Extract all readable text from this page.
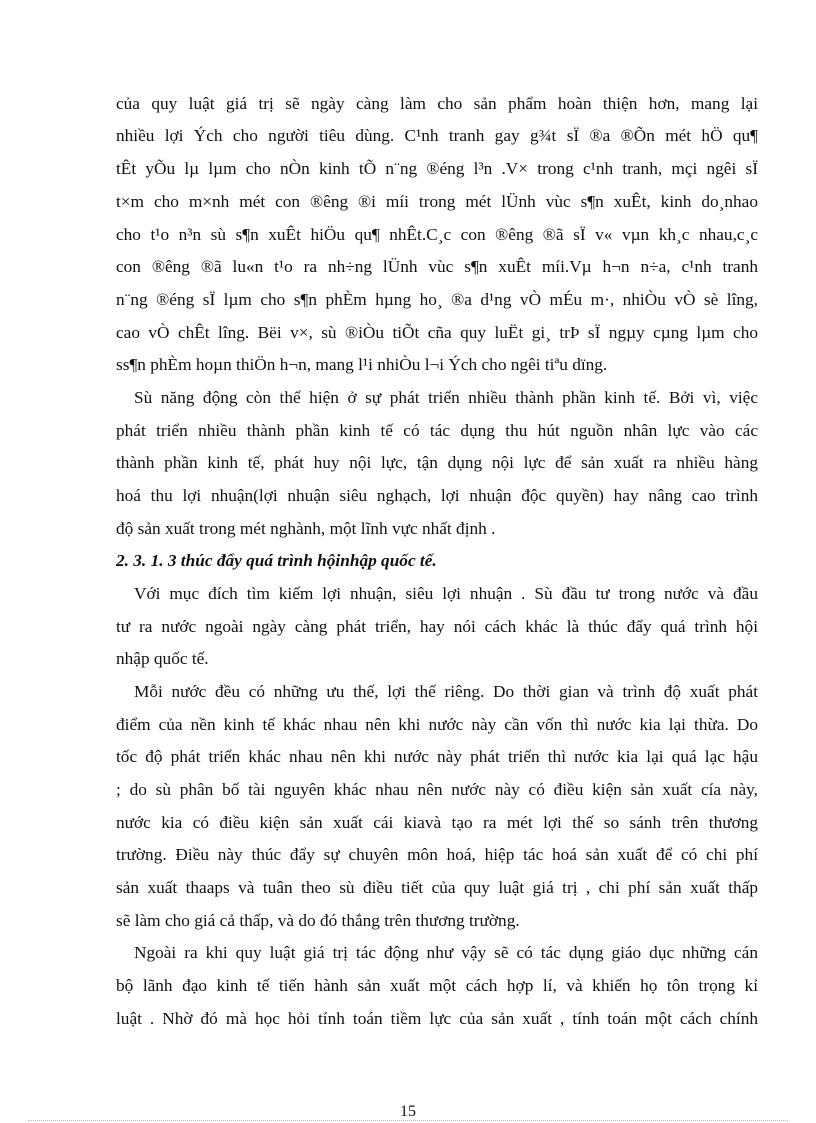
của quy luật giá trị sẽ ngày càng làm cho sản phẩm hoàn thiện hơn, mang lại
nhiều lợi Ých cho người tiêu dùng. C¹nh tranh gay g¾t sÏ ®a ®Õn mét hÖ qu¶
tÊt yÕu lµ lµm cho nÒn kinh tÕ n¨ng ®éng l³n .V× trong c¹nh tranh, mçi ngêi sÏ
t×m cho m×nh mét con ®êng ®i míi trong mét lÜnh vùc s¶n xuÊt, kinh do¸nhao
cho t¹o n³n sù s¶n xuÊt hiÖu qu¶ nhÊt.C¸c con ®êng ®ã sÏ v« vµn kh¸c nhau,c¸c
con ®êng ®ã lu«n t¹o ra nh÷ng lÜnh vùc s¶n xuÊt míi.Vµ h¬n n÷a, c¹nh tranh
n¨ng ®éng sÏ lµm cho s¶n phÈm hµng ho¸ ®a d¹ng vÒ mÉu m·, nhiÒu vÒ sè lîng,
cao vÒ chÊt lîng. Bëi v×, sù ®iÒu tiÕt cña quy luËt gi¸ trÞ sÏ ngµy cµng lµm cho
ss¶n phÈm hoµn thiÖn h¬n, mang l¹i nhiÒu l¬i Ých cho ngêi tiªu dïng.
Sù năng động còn thể hiện ở sự phát triển nhiều thành phần kinh tế. Bởi vì, việc
phát triển nhiều thành phần kinh tế có tác dụng thu hút nguồn nhân lực vào các
thành phần kinh tế, phát huy nội lực, tận dụng nội lực để sản xuất ra nhiều hàng
hoá thu lợi nhuận(lợi nhuận siêu nghạch, lợi nhuận độc quyền) hay nâng cao trình
độ sản xuất trong mét nghành, một lĩnh vực nhất định .
2. 3. 1. 3 thúc đẩy quá trình hộinhập quốc tế.
Với mục đích tìm kiếm lợi nhuận, siêu lợi nhuận . Sù đầu tư trong nước và đầu
tư ra nước ngoài ngày càng phát triển, hay nói cách khác là thúc đẩy quá trình hội
nhập quốc tế.
Mỗi nước đều có những ưu thế, lợi thế riêng. Do thời gian và trình độ xuất phát
điểm của nền kinh tế khác nhau nên khi nước này cần vốn thì nước kia lại thừa. Do
tốc độ phát triển khác nhau nên khi nước này phát triển thì nước kia lại quá lạc hậu
; do sù phân bố tài nguyên khác nhau nên nước này có điều kiện sản xuất cía này,
nước kia có điều kiện sản xuất cái kiavà tạo ra mét lợi thế so sánh trên thương
trường. Điều này thúc đẩy sự chuyên môn hoá, hiệp tác hoá sản xuất để có chi phí
sản xuất thaaps và tuân theo sù điều tiết của quy luật giá trị , chi phí sản xuất thấp
sẽ làm cho giá cả thấp, và do đó thắng trên thương trường.
Ngoài ra khi quy luật giá trị tác động như vậy sẽ có tác dụng giáo dục những cán
bộ lãnh đạo kinh tế tiến hành sản xuất một cách hợp lí, và khiến họ tôn trọng kỉ
luật . Nhờ đó mà học hỏi tính toán tiềm lực của sản xuất , tính toán một cách chính
15
